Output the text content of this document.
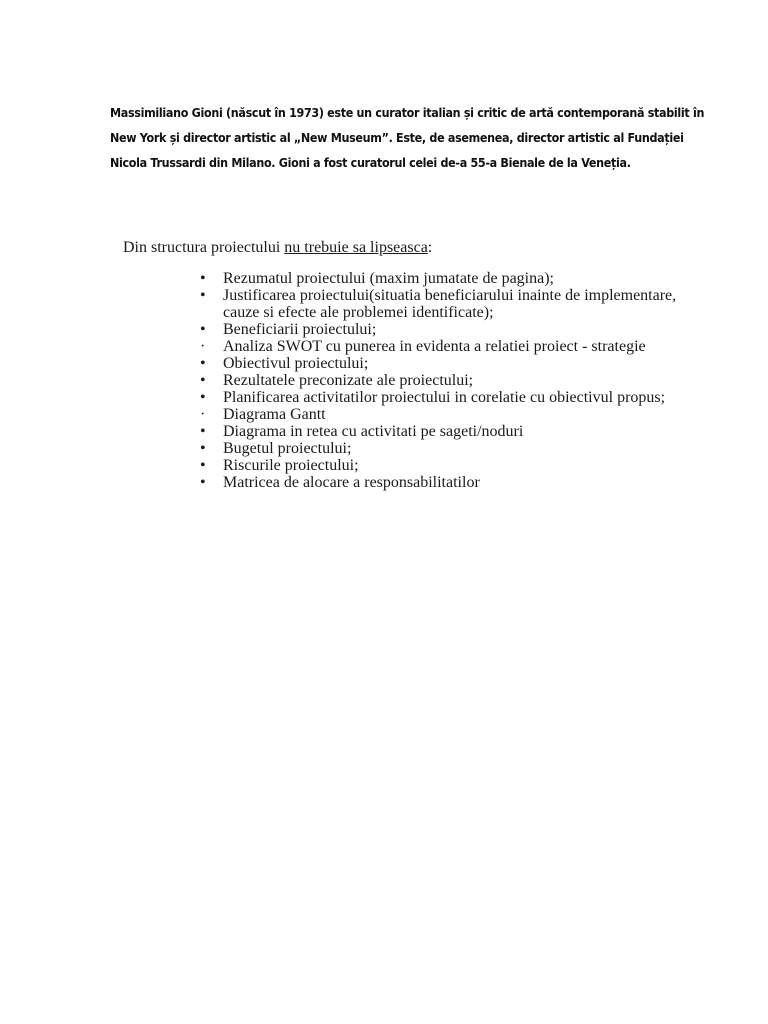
Massimiliano Gioni (născut în 1973) este un curator italian și critic de artă contemporană stabilit în
New York și director artistic al „New Museum”. Este, de asemenea, director artistic al Fundației
Nicola Trussardi din Milano. Gioni a fost curatorul celei de-a 55-a Bienale de la Veneția.

Din structura proiectului nu trebuie sa lipseasca:

• Rezumatul proiectului (maxim jumatate de pagina);
• Justificarea proiectului(situatia beneficiarului inainte de implementare,
cauze si efecte ale problemei identificate);
• Beneficiarii proiectului;
· Analiza SWOT cu punerea in evidenta a relatiei proiect - strategie
• Obiectivul proiectului;
• Rezultatele preconizate ale proiectului;
• Planificarea activitatilor proiectului in corelatie cu obiectivul propus;
· Diagrama Gantt
• Diagrama in retea cu activitati pe sageti/noduri
• Bugetul proiectului;
• Riscurile proiectului;
• Matricea de alocare a responsabilitatilor
